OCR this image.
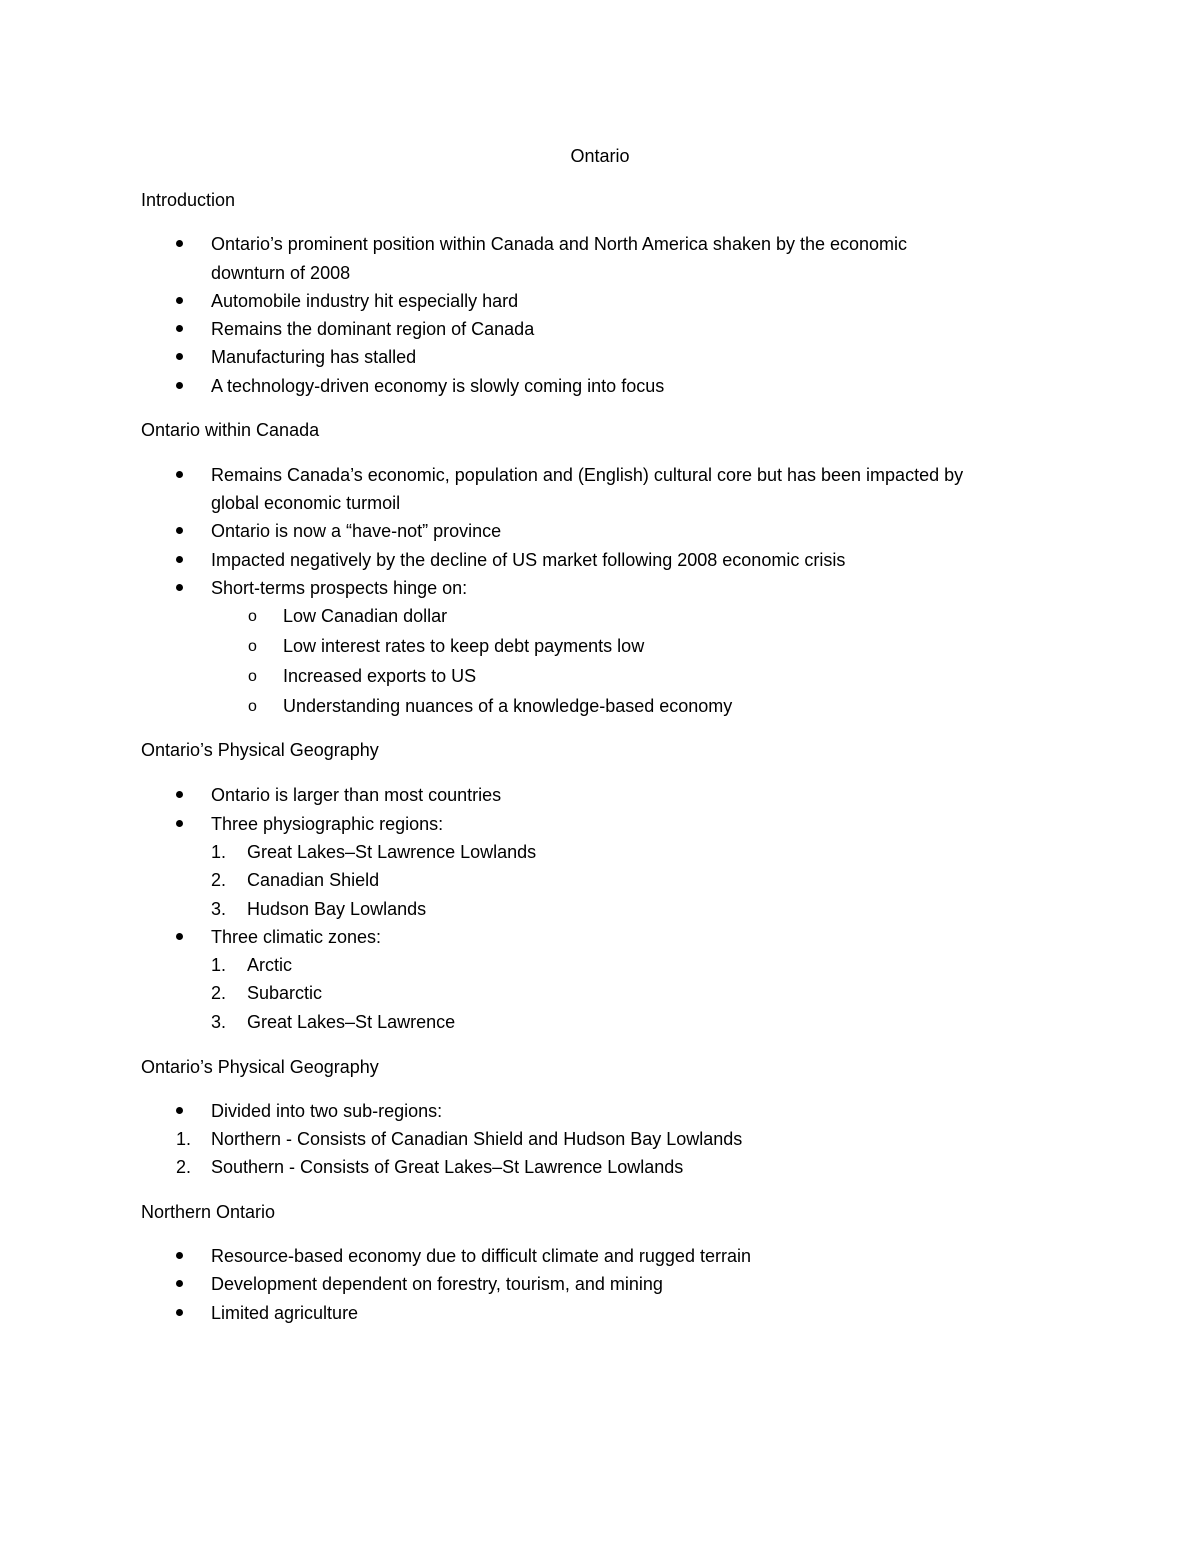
Ontario
Introduction
Ontario’s prominent position within Canada and North America shaken by the economic
downturn of 2008
Automobile industry hit especially hard
Remains the dominant region of Canada
Manufacturing has stalled
A technology-driven economy is slowly coming into focus
Ontario within Canada
Remains Canada’s economic, population and (English) cultural core but has been impacted by
global economic turmoil
Ontario is now a “have-not” province
Impacted negatively by the decline of US market following 2008 economic crisis
Short-terms prospects hinge on:
o Low Canadian dollar
o Low interest rates to keep debt payments low
o Increased exports to US
o Understanding nuances of a knowledge-based economy
Ontario’s Physical Geography
Ontario is larger than most countries
Three physiographic regions:
1. Great Lakes–St Lawrence Lowlands
2. Canadian Shield
3. Hudson Bay Lowlands
Three climatic zones:
1. Arctic
2. Subarctic
3. Great Lakes–St Lawrence
Ontario’s Physical Geography
Divided into two sub-regions:
1. Northern - Consists of Canadian Shield and Hudson Bay Lowlands
2. Southern - Consists of Great Lakes–St Lawrence Lowlands
Northern Ontario
Resource-based economy due to difficult climate and rugged terrain
Development dependent on forestry, tourism, and mining
Limited agriculture
